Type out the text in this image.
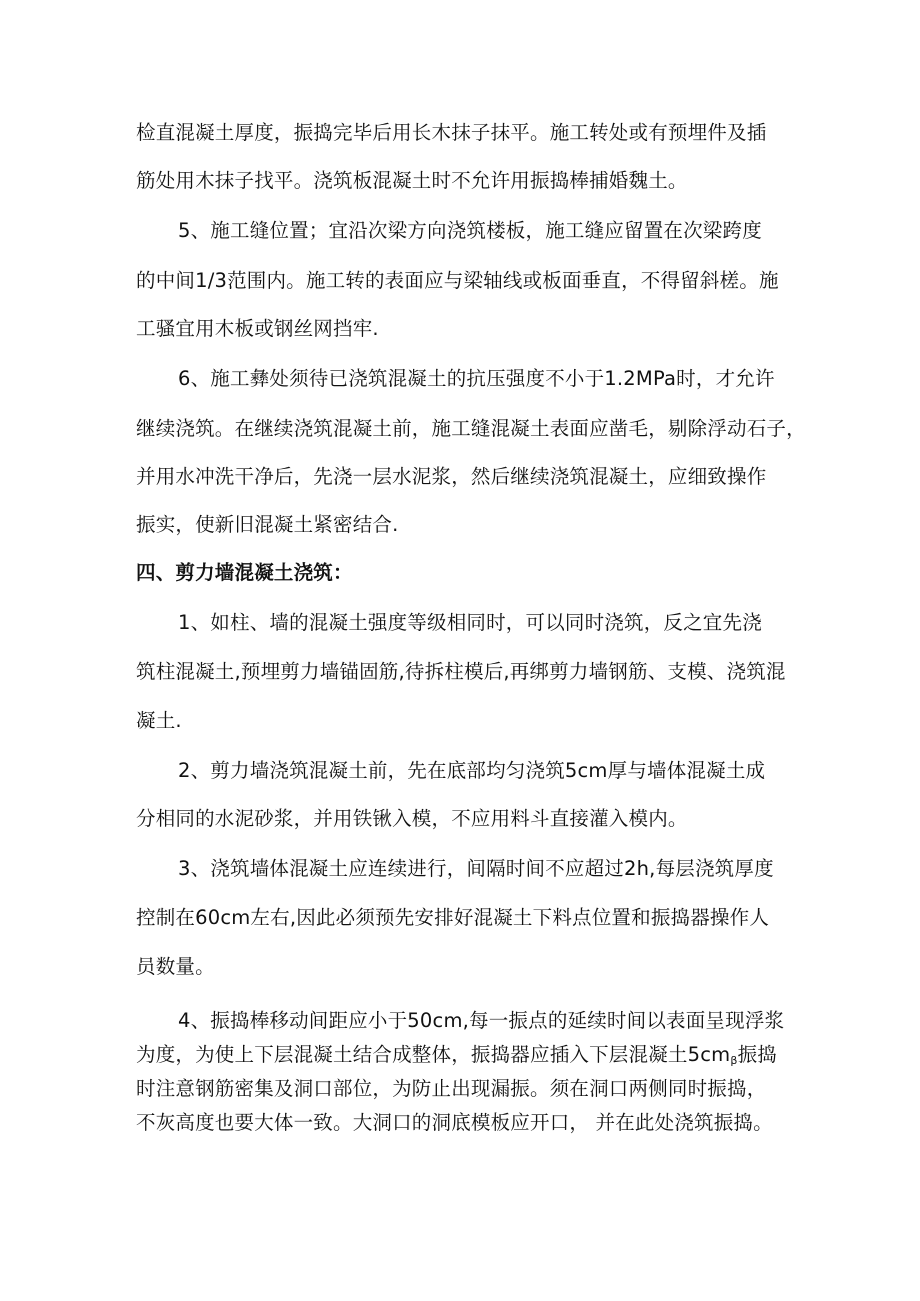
检直混凝土厚度，振捣完毕后用长木抹子抹平。施工转处或有预埋件及插
筋处用木抹子找平。浇筑板混凝土时不允许用振捣棒捕婚魏土。
5、施工缝位置；宜沿次梁方向浇筑楼板，施工缝应留置在次梁跨度
的中间1/3范围内。施工转的表面应与梁轴线或板面垂直，不得留斜槎。施
工骚宜用木板或钢丝网挡牢.
6、施工彝处须待已浇筑混凝土的抗压强度不小于1.2MPa时，才允许
继续浇筑。在继续浇筑混凝土前，施工缝混凝土表面应凿毛，剔除浮动石子，
并用水冲洗干净后，先浇一层水泥浆，然后继续浇筑混凝土，应细致操作
振实，使新旧混凝土紧密结合.
四、剪力墙混凝土浇筑：
1、如柱、墙的混凝土强度等级相同时，可以同时浇筑，反之宜先浇
筑柱混凝土,预埋剪力墙锚固筋,待拆柱模后,再绑剪力墙钢筋、支模、浇筑混
凝土.
2、剪力墙浇筑混凝土前，先在底部均匀浇筑5cm厚与墙体混凝土成
分相同的水泥砂浆，并用铁锹入模，不应用料斗直接灌入模内。
3、浇筑墙体混凝土应连续进行，间隔时间不应超过2h,每层浇筑厚度
控制在60cm左右,因此必须预先安排好混凝土下料点位置和振捣器操作人
员数量。
4、振捣棒移动间距应小于50cm,每一振点的延续时间以表面呈现浮浆
为度，为使上下层混凝土结合成整体，振捣器应插入下层混凝土$5cm_\beta$振捣
时注意钢筋密集及洞口部位，为防止出现漏振。须在洞口两侧同时振捣，
不灰高度也要大体一致。大洞口的洞底模板应开口， 并在此处浇筑振捣。
